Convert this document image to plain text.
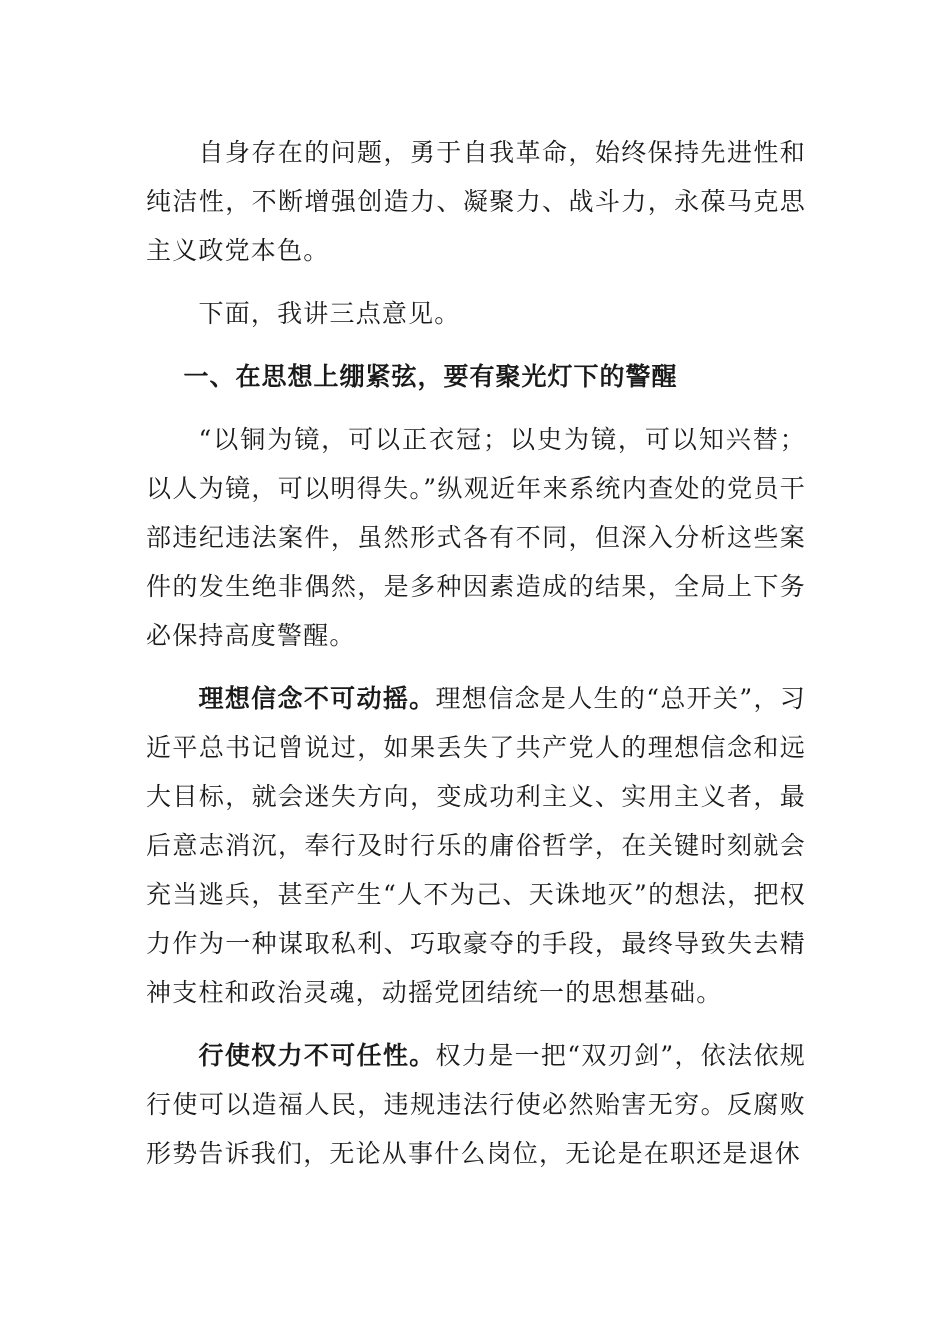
自身存在的问题，勇于自我革命，始终保持先进性和纯洁性，不断增强创造力、凝聚力、战斗力，永葆马克思主义政党本色。

下面，我讲三点意见。

一、在思想上绷紧弦，要有聚光灯下的警醒

“以铜为镜，可以正衣冠；以史为镜，可以知兴替；以人为镜，可以明得失。”纵观近年来系统内查处的党员干部违纪违法案件，虽然形式各有不同，但深入分析这些案件的发生绝非偶然，是多种因素造成的结果，全局上下务必保持高度警醒。

理想信念不可动摇。理想信念是人生的“总开关”，习近平总书记曾说过，如果丢失了共产党人的理想信念和远大目标，就会迷失方向，变成功利主义、实用主义者，最后意志消沉，奉行及时行乐的庸俗哲学，在关键时刻就会充当逃兵，甚至产生“人不为己、天诛地灭”的想法，把权力作为一种谋取私利、巧取豪夺的手段，最终导致失去精神支柱和政治灵魂，动摇党团结统一的思想基础。

行使权力不可任性。权力是一把“双刃剑”，依法依规行使可以造福人民，违规违法行使必然贻害无穷。反腐败形势告诉我们，无论从事什么岗位，无论是在职还是退休
